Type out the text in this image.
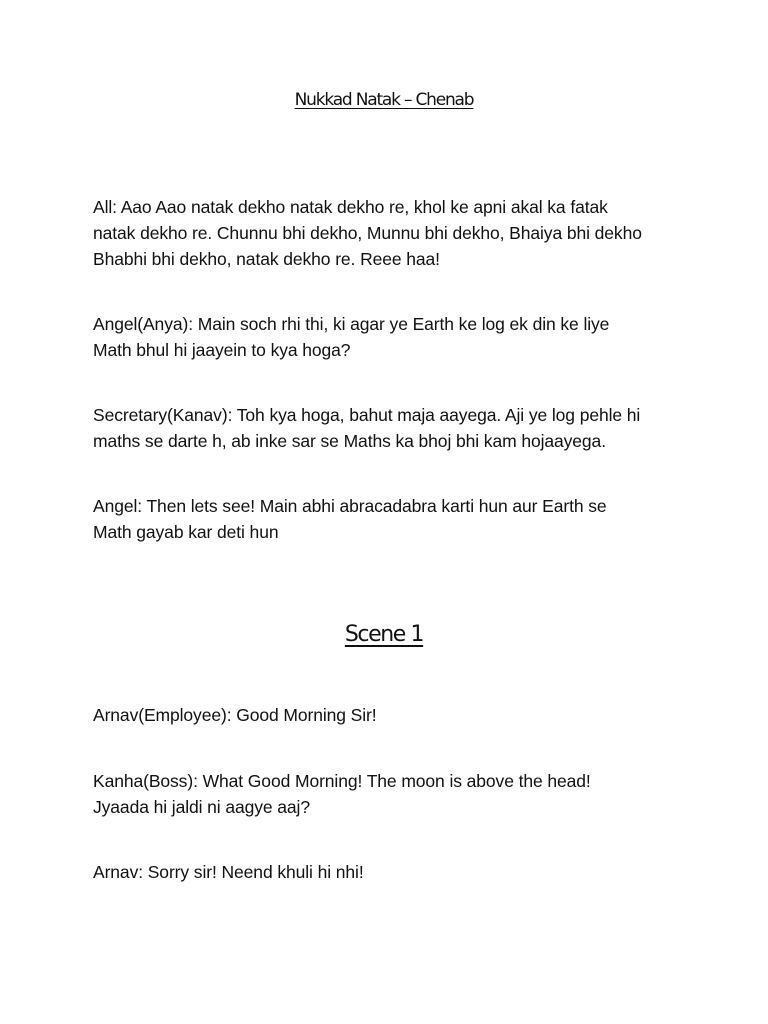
Nukkad Natak – Chenab

All: Aao Aao natak dekho natak dekho re, khol ke apni akal ka fatak
natak dekho re. Chunnu bhi dekho, Munnu bhi dekho, Bhaiya bhi dekho
Bhabhi bhi dekho, natak dekho re. Reee haa!

Angel(Anya): Main soch rhi thi, ki agar ye Earth ke log ek din ke liye
Math bhul hi jaayein to kya hoga?

Secretary(Kanav): Toh kya hoga, bahut maja aayega. Aji ye log pehle hi
maths se darte h, ab inke sar se Maths ka bhoj bhi kam hojaayega.

Angel: Then lets see! Main abhi abracadabra karti hun aur Earth se
Math gayab kar deti hun

Scene 1

Arnav(Employee): Good Morning Sir!

Kanha(Boss): What Good Morning! The moon is above the head!
Jyaada hi jaldi ni aagye aaj?

Arnav: Sorry sir! Neend khuli hi nhi!
